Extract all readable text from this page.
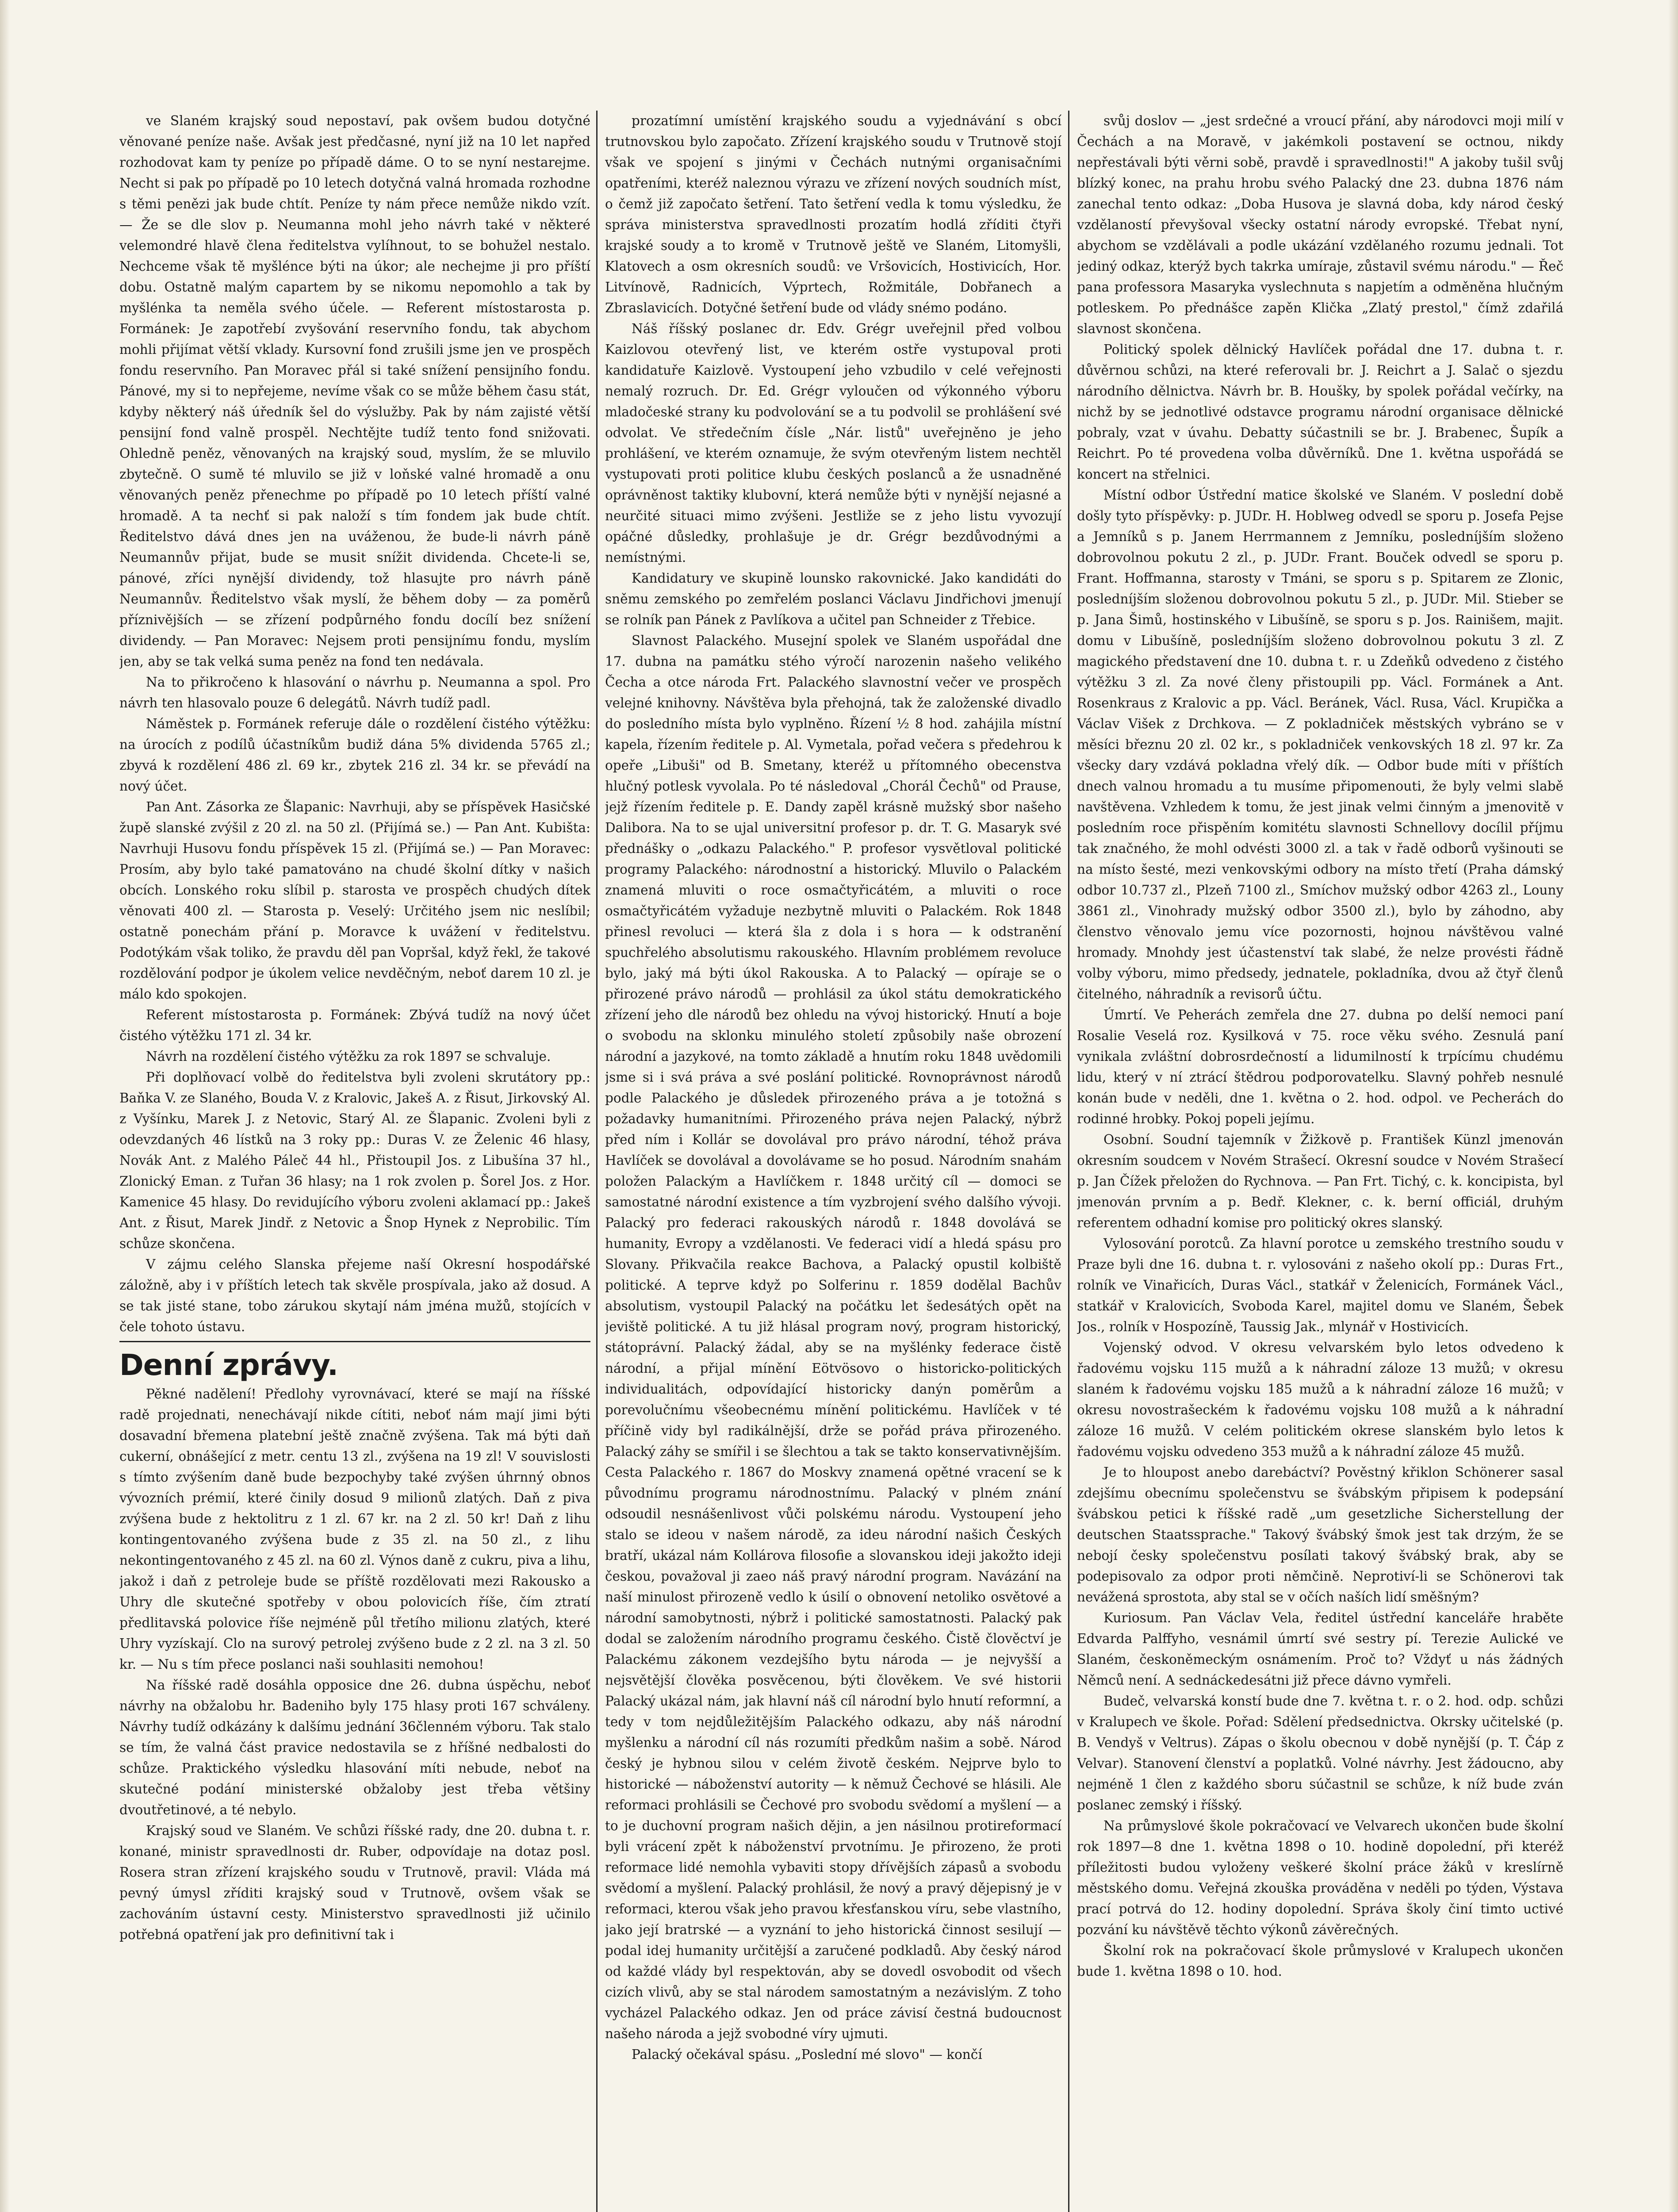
ve Slaném krajský soud nepostaví, pak ovšem budou dotyčné věnované peníze naše. Avšak jest předčasné, nyní již na 10 let napřed rozhodovat kam ty peníze po případě dáme. O to se nyní nestarejme. Necht si pak po případě po 10 letech dotyčná valná hromada rozhodne s těmi penězi jak bude chtít. Peníze ty nám přece nemůže nikdo vzít. — Že se dle slov p. Neumanna mohl jeho návrh také v některé velemondré hlavě člena ředitelstva vylíhnout, to se bohužel nestalo. Nechceme však tě myšlénce býti na úkor; ale nechejme ji pro příští dobu. Ostatně malým capartem by se nikomu nepomohlo a tak by myšlénka ta neměla svého účele. — Referent místostarosta p. Formánek: Je zapotřebí zvyšování reservního fondu, tak abychom mohli přijímat větší vklady. Kursovní fond zrušili jsme jen ve prospěch fondu reservního. Pan Moravec přál si také snížení pensijního fondu. Pánové, my si to nepřejeme, nevíme však co se může během času stát, kdyby některý náš úředník šel do výslužby. Pak by nám zajisté větší pensijní fond valně prospěl. Nechtějte tudíž tento fond snižovati. Ohledně peněz, věnovaných na krajský soud, myslím, že se mluvilo zbytečně. O sumě té mluvilo se již v loňské valné hromadě a onu věnovaných peněz přenechme po případě po 10 letech příští valné hromadě. A ta nechť si pak naloží s tím fondem jak bude chtít. Ředitelstvo dává dnes jen na uváženou, že bude-li návrh páně Neumannův přijat, bude se musit snížit dividenda. Chcete-li se, pánové, zříci nynější dividendy, tož hlasujte pro návrh páně Neumannův. Ředitelstvo však myslí, že během doby — za poměrů příznivějších — se zřízení podpůrného fondu docílí bez snížení dividendy. — Pan Moravec: Nejsem proti pensijnímu fondu, myslím jen, aby se tak velká suma peněz na fond ten nedávala.

Na to přikročeno k hlasování o návrhu p. Neumanna a spol. Pro návrh ten hlasovalo pouze 6 delegátů. Návrh tudíž padl.

Náměstek p. Formánek referuje dále o rozdělení čistého výtěžku: na úrocích z podílů účastníkům budiž dána 5% dividenda 5765 zl.; zbyvá k rozdělení 486 zl. 69 kr., zbytek 216 zl. 34 kr. se převádí na nový účet.

Pan Ant. Zásorka ze Šlapanic: Navrhuji, aby se příspěvek Hasičské župě slanské zvýšil z 20 zl. na 50 zl. (Přijímá se.) — Pan Ant. Kubišta: Navrhuji Husovu fondu příspěvek 15 zl. (Přijímá se.) — Pan Moravec: Prosím, aby bylo také pamatováno na chudé školní dítky v našich obcích. Lonského roku slíbil p. starosta ve prospěch chudých dítek věnovati 400 zl. — Starosta p. Veselý: Určitého jsem nic neslíbil; ostatně ponechám přání p. Moravce k uvážení v ředitelstvu. Podotýkám však toliko, že pravdu děl pan Vopršal, když řekl, že takové rozdělování podpor je úkolem velice nevděčným, neboť darem 10 zl. je málo kdo spokojen.

Referent místostarosta p. Formánek: Zbývá tudíž na nový účet čistého výtěžku 171 zl. 34 kr.

Návrh na rozdělení čistého výtěžku za rok 1897 se schvaluje.

Při doplňovací volbě do ředitelstva byli zvoleni skrutátory pp.: Baňka V. ze Slaného, Bouda V. z Kralovic, Jakeš A. z Řisut, Jirkovský Al. z Vyšínku, Marek J. z Netovic, Starý Al. ze Šlapanic. Zvoleni byli z odevzdaných 46 lístků na 3 roky pp.: Duras V. ze Želenic 46 hlasy, Novák Ant. z Malého Páleč 44 hl., Přistoupil Jos. z Libušína 37 hl., Zlonický Eman. z Tuřan 36 hlasy; na 1 rok zvolen p. Šorel Jos. z Hor. Kamenice 45 hlasy. Do revidujícího výboru zvoleni aklamací pp.: Jakeš Ant. z Řisut, Marek Jindř. z Netovic a Šnop Hynek z Neprobilic. Tím schůze skončena.

V zájmu celého Slanska přejeme naší Okresní hospodářské záložně, aby i v příštích letech tak skvěle prospívala, jako až dosud. A se tak jisté stane, tobo zárukou skytají nám jména mužů, stojících v čele tohoto ústavu.

Denní zprávy.

Pěkné nadělení! Předlohy vyrovnávací, které se mají na říšské radě projednati, nenechávají nikde cítiti, neboť nám mají jimi býti dosavadní břemena platební ještě značně zvýšena. Tak má býti daň cukerní, obnášející z metr. centu 13 zl., zvýšena na 19 zl! V souvislosti s tímto zvýšením daně bude bezpochyby také zvýšen úhrnný obnos vývozních prémií, které činily dosud 9 milionů zlatých. Daň z piva zvýšena bude z hektolitru z 1 zl. 67 kr. na 2 zl. 50 kr! Daň z lihu kontingentovaného zvýšena bude z 35 zl. na 50 zl., z lihu nekontingentovaného z 45 zl. na 60 zl. Výnos daně z cukru, piva a lihu, jakož i daň z petroleje bude se příště rozdělovati mezi Rakousko a Uhry dle skutečné spotřeby v obou polovicích říše, čím ztratí předlitavská polovice říše nejméně půl třetího milionu zlatých, které Uhry vyzískají. Clo na surový petrolej zvýšeno bude z 2 zl. na 3 zl. 50 kr. — Nu s tím přece poslanci naši souhlasiti nemohou!

Na říšské radě dosáhla opposice dne 26. dubna úspěchu, neboť návrhy na obžalobu hr. Badeniho byly 175 hlasy proti 167 schváleny. Návrhy tudíž odkázány k dalšímu jednání 36členném výboru. Tak stalo se tím, že valná část pravice nedostavila se z hříšné nedbalosti do schůze. Praktického výsledku hlasování míti nebude, neboť na skutečné podání ministerské obžaloby jest třeba většiny dvoutřetinové, a té nebylo.

Krajský soud ve Slaném. Ve schůzi říšské rady, dne 20. dubna t. r. konané, ministr spravedlnosti dr. Ruber, odpovídaje na dotaz posl. Rosera stran zřízení krajského soudu v Trutnově, pravil: Vláda má pevný úmysl zříditi krajský soud v Trutnově, ovšem však se zachováním ústavní cesty. Ministerstvo spravedlnosti již učinilo potřebná opatření jak pro definitivní tak i

prozatímní umístění krajského soudu a vyjednávání s obcí trutnovskou bylo započato. Zřízení krajského soudu v Trutnově stojí však ve spojení s jinými v Čechách nutnými organisačními opatřeními, kteréž naleznou výrazu ve zřízení nových soudních míst, o čemž již započato šetření. Tato šetření vedla k tomu výsledku, že správa ministerstva spravedlnosti prozatím hodlá zříditi čtyři krajské soudy a to kromě v Trutnově ještě ve Slaném, Litomyšli, Klatovech a osm okresních soudů: ve Vršovicích, Hostivicích, Hor. Litvínově, Radnicích, Výprtech, Rožmitále, Dobřanech a Zbraslavicích. Dotyčné šetření bude od vlády snémo podáno.

Náš říšský poslanec dr. Edv. Grégr uveřejnil před volbou Kaizlovou otevřený list, ve kterém ostře vystupoval proti kandidatuře Kaizlově. Vystoupení jeho vzbudilo v celé veřejnosti nemalý rozruch. Dr. Ed. Grégr vyloučen od výkonného výboru mladočeské strany ku podvolování se a tu podvolil se prohlášení své odvolat. Ve středečním čísle „Nár. listů" uveřejněno je jeho prohlášení, ve kterém oznamuje, že svým otevřeným listem nechtěl vystupovati proti politice klubu českých poslanců a že usnadněné oprávněnost taktiky klubovní, která nemůže býti v nynější nejasné a neurčité situaci mimo zvýšeni. Jestliže se z jeho listu vyvozují opáčné důsledky, prohlašuje je dr. Grégr bezdůvodnými a nemístnými.

Kandidatury ve skupině lounsko rakovnické. Jako kandidáti do sněmu zemského po zemřelém poslanci Václavu Jindřichovi jmenují se rolník pan Pánek z Pavlíkova a učitel pan Schneider z Třebice.

Slavnost Palackého. Musejní spolek ve Slaném uspořádal dne 17. dubna na památku stého výročí narozenin našeho velikého Čecha a otce národa Frt. Palackého slavnostní večer ve prospěch velejné knihovny. Návštěva byla přehojná, tak že založenské divadlo do posledního místa bylo vyplněno. Řízení ½ 8 hod. zahájila místní kapela, řízením ředitele p. Al. Vymetala, pořad večera s předehrou k opeře „Libuši" od B. Smetany, kteréž u přítomného obecenstva hlučný potlesk vyvolala. Po té následoval „Chorál Čechů" od Prause, jejž řízením ředitele p. E. Dandy zapěl krásně mužský sbor našeho Dalibora. Na to se ujal universitní profesor p. dr. T. G. Masaryk své přednášky o „odkazu Palackého." P. profesor vysvětloval politické programy Palackého: národnostní a historický. Mluvilo o Palackém znamená mluviti o roce osmačtyřicátém, a mluviti o roce osmačtyřicátém vyžaduje nezbytně mluviti o Palackém. Rok 1848 přinesl revoluci — která šla z dola i s hora — k odstranění spuchřelého absolutismu rakouského. Hlavním problémem revoluce bylo, jaký má býti úkol Rakouska. A to Palacký — opíraje se o přirozené právo národů — prohlásil za úkol státu demokratického zřízení jeho dle národů bez ohledu na vývoj historický. Hnutí a boje o svobodu na sklonku minulého století způsobily naše obrození národní a jazykové, na tomto základě a hnutím roku 1848 uvědomili jsme si i svá práva a své poslání politické. Rovnoprávnost národů podle Palackého je důsledek přirozeného práva a je totožná s požadavky humanitními. Přirozeného práva nejen Palacký, nýbrž před ním i Kollár se dovolával pro právo národní, téhož práva Havlíček se dovolával a dovolávame se ho posud. Národním snahám položen Palackým a Havlíčkem r. 1848 určitý cíl — domoci se samostatné národní existence a tím vyzbrojení svého dalšího vývoji. Palacký pro federaci rakouských národů r. 1848 dovolává se humanity, Evropy a vzdělanosti. Ve federaci vidí a hledá spásu pro Slovany. Přikvačila reakce Bachova, a Palacký opustil kolbiště politické. A teprve když po Solferinu r. 1859 dodělal Bachův absolutism, vystoupil Palacký na počátku let šedesátých opět na jeviště politické. A tu již hlásal program nový, program historický, státoprávní. Palacký žádal, aby se na myšlénky federace čistě národní, a přijal mínění Eötvösovo o historicko-politických individualitách, odpovídající historicky danýn poměrům a porevolučnímu všeobecnému mínění politickému. Havlíček v té příčině vidy byl radikálnější, drže se pořád práva přirozeného. Palacký záhy se smířil i se šlechtou a tak se takto konservativnějším. Cesta Palackého r. 1867 do Moskvy znamená opětné vracení se k původnímu programu národnostnímu. Palacký v plném znání odsoudil nesnášenlivost vůči polskému národu. Vystoupení jeho stalo se ideou v našem národě, za ideu národní našich Českých bratří, ukázal nám Kollárova filosofie a slovanskou ideji jakožto ideji českou, považoval ji zaeo náš pravý národní program. Navázání na naší minulost přirozeně vedlo k úsilí o obnovení netoliko osvětové a národní samobytnosti, nýbrž i politické samostatnosti. Palacký pak dodal se založením národního programu českého. Čistě člověctví je Palackému zákonem vezdejšího bytu národa — je nejvyšší a nejsvětější člověka posvěcenou, býti člověkem. Ve své historii Palacký ukázal nám, jak hlavní náš cíl národní bylo hnutí reformní, a tedy v tom nejdůležitějším Palackého odkazu, aby náš národní myšlenku a národní cíl nás rozumíti předkům našim a sobě. Národ český je hybnou silou v celém životě českém. Nejprve bylo to historické — náboženství autority — k němuž Čechové se hlásili. Ale reformaci prohlásili se Čechové pro svobodu svědomí a myšlení — a to je duchovní program našich dějin, a jen násilnou protireformací byli vrácení zpět k náboženství prvotnímu. Je přirozeno, že proti reformace lidé nemohla vybaviti stopy dřívějších zápasů a svobodu svědomí a myšlení. Palacký prohlásil, že nový a pravý dějepisný je v reformaci, kterou však jeho pravou křesťanskou víru, sebe vlastního, jako její bratrské — a vyznání to jeho historická činnost sesilují — podal idej humanity určitější a zaručené podkladů. Aby český národ od každé vlády byl respektován, aby se dovedl osvobodit od všech cizích vlivů, aby se stal národem samostatným a nezávislým. Z toho vycházel Palackého odkaz. Jen od práce závisí čestná budoucnost našeho národa a jejž svobodné víry ujmuti.

Palacký očekával spásu. „Poslední mé slovo" — končí

svůj doslov — „jest srdečné a vroucí přání, aby národovci moji milí v Čechách a na Moravě, v jakémkoli postavení se octnou, nikdy nepřestávali býti věrni sobě, pravdě i spravedlnosti!" A jakoby tušil svůj blízký konec, na prahu hrobu svého Palacký dne 23. dubna 1876 nám zanechal tento odkaz: „Doba Husova je slavná doba, kdy národ český vzdělaností převyšoval všecky ostatní národy evropské. Třebat nyní, abychom se vzdělávali a podle ukázání vzdělaného rozumu jednali. Tot jediný odkaz, kterýž bych takrka umíraje, zůstavil svému národu." — Řeč pana professora Masaryka vyslechnuta s napjetím a odměněna hlučným potleskem. Po přednášce zapěn Klička „Zlatý prestol," čímž zdařilá slavnost skončena.

Politický spolek dělnický Havlíček pořádal dne 17. dubna t. r. důvěrnou schůzi, na které referovali br. J. Reichrt a J. Salač o sjezdu národního dělnictva. Návrh br. B. Houšky, by spolek pořádal večírky, na nichž by se jednotlivé odstavce programu národní organisace dělnické pobraly, vzat v úvahu. Debatty súčastnili se br. J. Brabenec, Šupík a Reichrt. Po té provedena volba důvěrníků. Dne 1. května uspořádá se koncert na střelnici.

Místní odbor Ústřední matice školské ve Slaném. V poslední době došly tyto příspěvky: p. JUDr. H. Hoblweg odvedl se sporu p. Josefa Pejse a Jemníků s p. Janem Herrmannem z Jemníku, posledníjším složeno dobrovolnou pokutu 2 zl., p. JUDr. Frant. Bouček odvedl se sporu p. Frant. Hoffmanna, starosty v Tmáni, se sporu s p. Spitarem ze Zlonic, posledníjším složenou dobrovolnou pokutu 5 zl., p. JUDr. Mil. Stieber se p. Jana Šimů, hostinského v Libušíně, se sporu s p. Jos. Rainišem, majit. domu v Libušíně, posledníjším složeno dobrovolnou pokutu 3 zl. Z magického představení dne 10. dubna t. r. u Zdeňků odvedeno z čistého výtěžku 3 zl. Za nové členy přistoupili pp. Václ. Formánek a Ant. Rosenkraus z Kralovic a pp. Václ. Beránek, Václ. Rusa, Václ. Krupička a Václav Višek z Drchkova. — Z pokladniček městských vybráno se v měsíci březnu 20 zl. 02 kr., s pokladniček venkovských 18 zl. 97 kr. Za všecky dary vzdává pokladna vřelý dík. — Odbor bude míti v příštích dnech valnou hromadu a tu musíme připomenouti, že byly velmi slabě navštěvena. Vzhledem k tomu, že jest jinak velmi činným a jmenovitě v posledním roce přispěním komitétu slavnosti Schnellovy docílil příjmu tak značného, že mohl odvésti 3000 zl. a tak v řadě odborů vyšinouti se na místo šesté, mezi venkovskými odbory na místo třetí (Praha dámský odbor 10.737 zl., Plzeň 7100 zl., Smíchov mužský odbor 4263 zl., Louny 3861 zl., Vinohrady mužský odbor 3500 zl.), bylo by záhodno, aby členstvo věnovalo jemu více pozornosti, hojnou návštěvou valné hromady. Mnohdy jest účastenství tak slabé, že nelze provésti řádně volby výboru, mimo předsedy, jednatele, pokladníka, dvou až čtyř členů čitelného, náhradník a revisorů účtu.

Úmrtí. Ve Peherách zemřela dne 27. dubna po delší nemoci paní Rosalie Veselá roz. Kysilková v 75. roce věku svého. Zesnulá paní vynikala zvláštní dobrosrdečností a lidumilností k trpícímu chudému lidu, který v ní ztrácí štědrou podporovatelku. Slavný pohřeb nesnulé konán bude v neděli, dne 1. května o 2. hod. odpol. ve Pecherách do rodinné hrobky. Pokoj popeli jejímu.

Osobní. Soudní tajemník v Žižkově p. František Künzl jmenován okresním soudcem v Novém Strašecí. Okresní soudce v Novém Strašecí p. Jan Čížek přeložen do Rychnova. — Pan Frt. Tichý, c. k. koncipista, byl jmenován prvním a p. Bedř. Klekner, c. k. berní officiál, druhým referentem odhadní komise pro politický okres slanský.

Vylosování porotců. Za hlavní porotce u zemského trestního soudu v Praze byli dne 16. dubna t. r. vylosováni z našeho okolí pp.: Duras Frt., rolník ve Vinařicích, Duras Václ., statkář v Želenicích, Formánek Václ., statkář v Kralovicích, Svoboda Karel, majitel domu ve Slaném, Šebek Jos., rolník v Hospozíně, Taussig Jak., mlynář v Hostivicích.

Vojenský odvod. V okresu velvarském bylo letos odvedeno k řadovému vojsku 115 mužů a k náhradní záloze 13 mužů; v okresu slaném k řadovému vojsku 185 mužů a k náhradní záloze 16 mužů; v okresu novostrašeckém k řadovému vojsku 108 mužů a k náhradní záloze 16 mužů. V celém politickém okrese slanském bylo letos k řadovému vojsku odvedeno 353 mužů a k náhradní záloze 45 mužů.

Je to hloupost anebo darebáctví? Pověstný křiklon Schönerer sasal zdejšímu obecnímu společenstvu se švábským připisem k podepsání švábskou petici k říšské radě „um gesetzliche Sicherstellung der deutschen Staatssprache." Takový švábský šmok jest tak drzým, že se nebojí česky společenstvu posílati takový švábský brak, aby se podepisovalo za odpor proti němčině. Neprotiví-li se Schönerovi tak nevážená sprostota, aby stal se v očích naších lidí směšným?

Kuriosum. Pan Václav Vela, ředitel ústřední kanceláře hraběte Edvarda Palffyho, vesnámil úmrtí své sestry pí. Terezie Aulické ve Slaném, českoněmeckým osnámením. Proč to? Vždyť u nás žádných Němců není. A sednáckedesátni již přece dávno vymřeli.

Budeč, velvarská konstí bude dne 7. května t. r. o 2. hod. odp. schůzi v Kralupech ve škole. Pořad: Sdělení předsednictva. Okrsky učitelské (p. B. Vendyš v Veltrus). Zápas o školu obecnou v době nynější (p. T. Čáp z Velvar). Stanovení členství a poplatků. Volné návrhy. Jest žádoucno, aby nejméně 1 člen z každého sboru súčastnil se schůze, k níž bude zván poslanec zemský i říšský.

Na průmyslové škole pokračovací ve Velvarech ukončen bude školní rok 1897—8 dne 1. května 1898 o 10. hodině dopolední, při kteréž příležitosti budou vyloženy veškeré školní práce žáků v kreslírně městského domu. Veřejná zkouška prováděna v neděli po týden, Výstava prací potrvá do 12. hodiny dopolední. Správa školy činí timto uctivé pozvání ku návštěvě těchto výkonů závěrečných.

Školní rok na pokračovací škole průmyslové v Kralupech ukončen bude 1. května 1898 o 10. hod.
